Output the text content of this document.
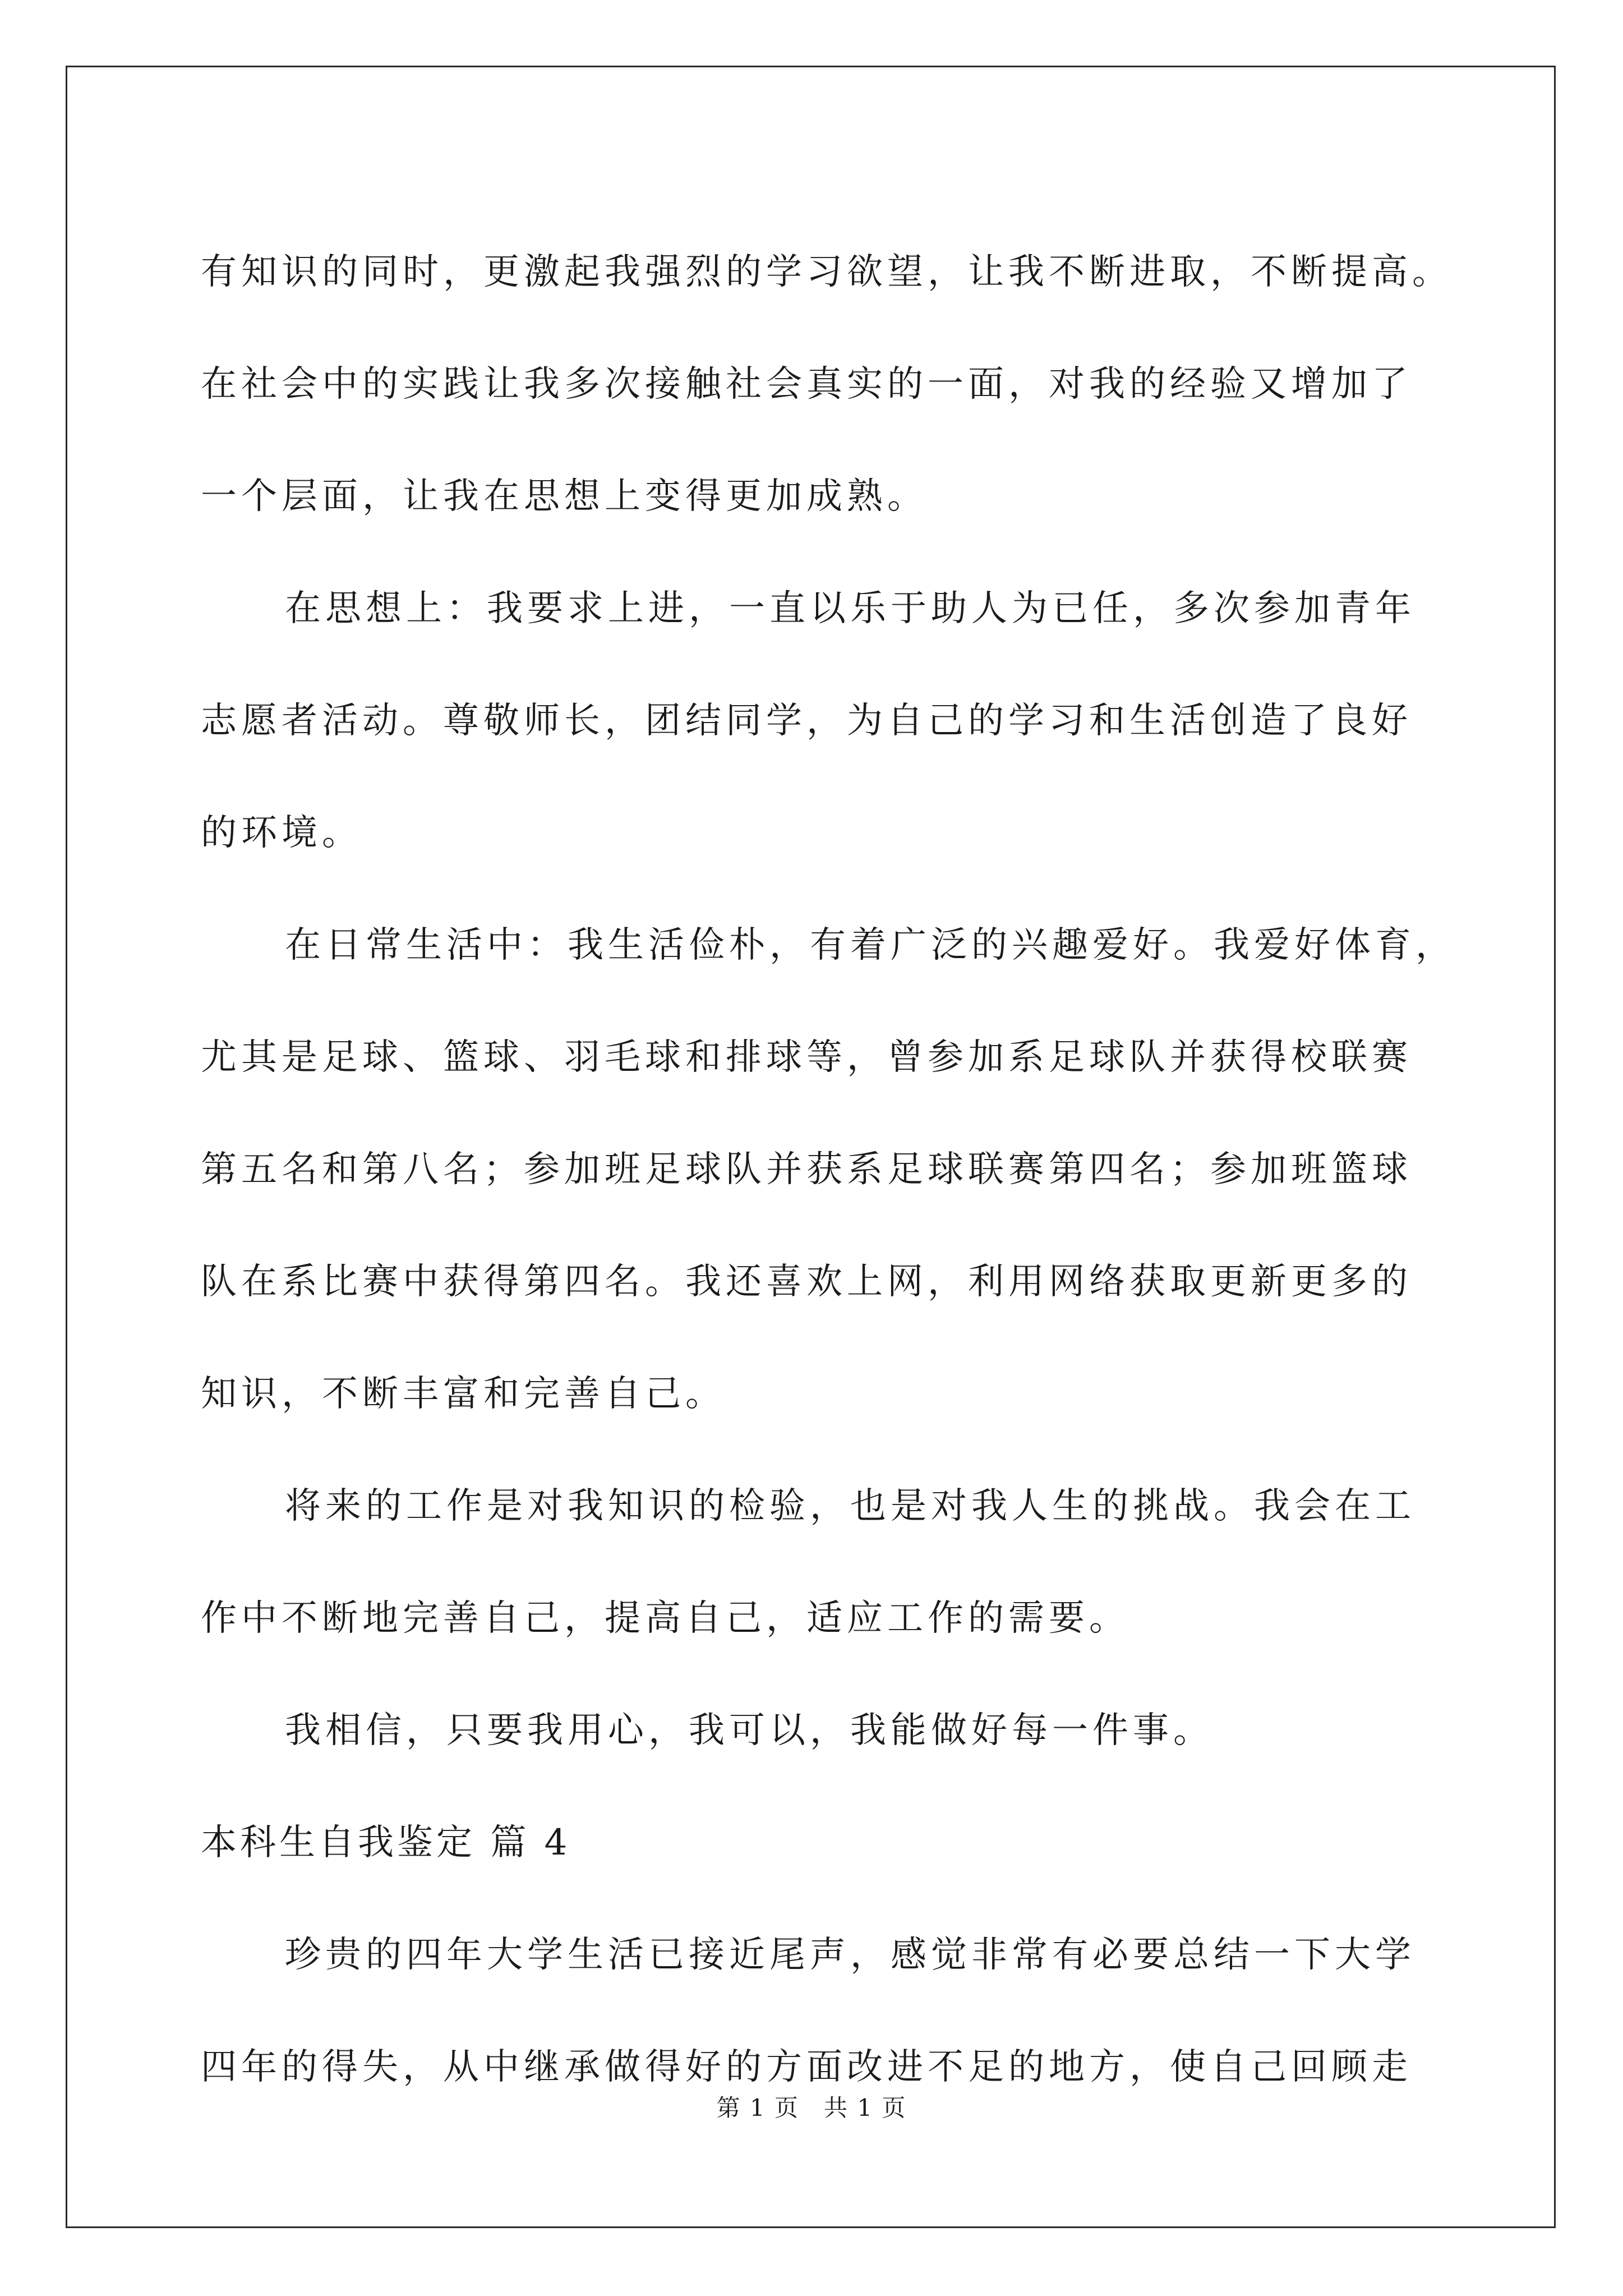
有知识的同时，更激起我强烈的学习欲望，让我不断进取，不断提高。
在社会中的实践让我多次接触社会真实的一面，对我的经验又增加了
一个层面，让我在思想上变得更加成熟。
在思想上：我要求上进，一直以乐于助人为已任，多次参加青年
志愿者活动。尊敬师长，团结同学，为自己的学习和生活创造了良好
的环境。
在日常生活中：我生活俭朴，有着广泛的兴趣爱好。我爱好体育，
尤其是足球、篮球、羽毛球和排球等，曾参加系足球队并获得校联赛
第五名和第八名；参加班足球队并获系足球联赛第四名；参加班篮球
队在系比赛中获得第四名。我还喜欢上网，利用网络获取更新更多的
知识，不断丰富和完善自己。
将来的工作是对我知识的检验，也是对我人生的挑战。我会在工
作中不断地完善自己，提高自己，适应工作的需要。
我相信，只要我用心，我可以，我能做好每一件事。
本科生自我鉴定 篇 4
珍贵的四年大学生活已接近尾声，感觉非常有必要总结一下大学
四年的得失，从中继承做得好的方面改进不足的地方，使自己回顾走
第 1 页　共 1 页
